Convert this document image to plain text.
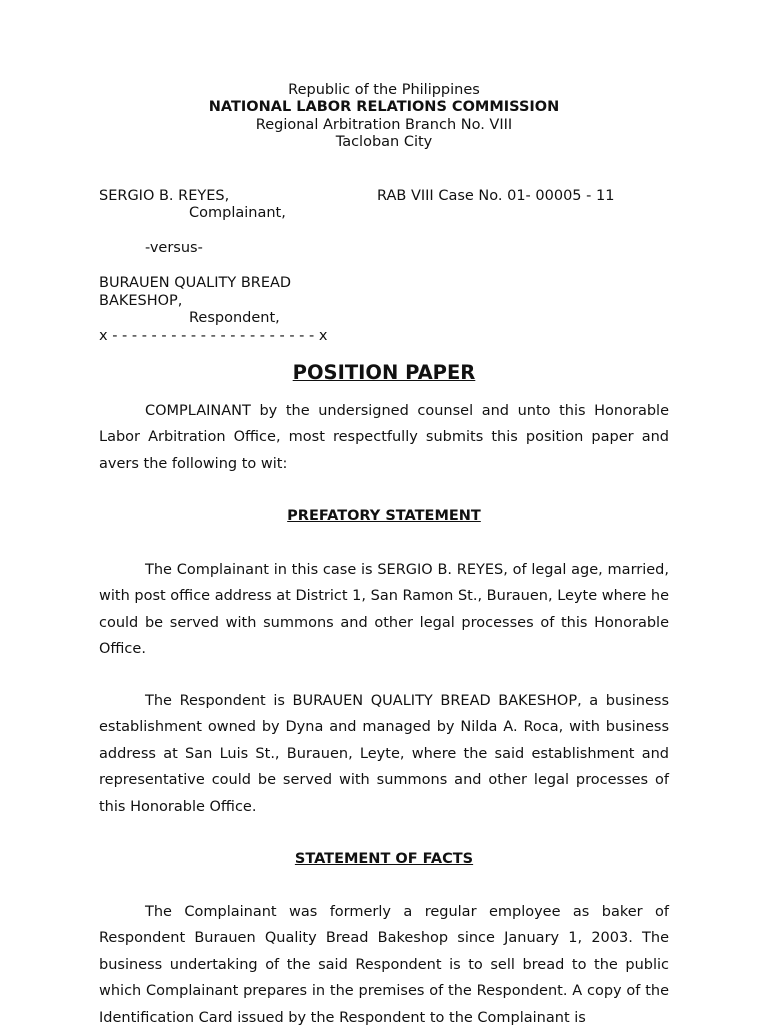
Republic of the Philippines
NATIONAL LABOR RELATIONS COMMISSION
Regional Arbitration Branch No. VIII
Tacloban City
SERGIO B. REYES,
Complainant,
RAB VIII Case No. 01- 00005 - 11
-versus-
BURAUEN QUALITY BREAD
BAKESHOP,
Respondent,
x - - - - - - - - - - - - - - - - - - - - - x
POSITION PAPER
COMPLAINANT by the undersigned counsel and unto this Honorable Labor Arbitration Office, most respectfully submits this position paper and avers the following to wit:
PREFATORY STATEMENT
The Complainant in this case is SERGIO B. REYES, of legal age, married, with post office address at District 1, San Ramon St., Burauen, Leyte where he could be served with summons and other legal processes of this Honorable Office.
The Respondent is BURAUEN QUALITY BREAD BAKESHOP, a business establishment owned by Dyna and managed by Nilda A. Roca, with business address at San Luis St., Burauen, Leyte, where the said establishment and representative could be served with summons and other legal processes of this Honorable Office.
STATEMENT OF FACTS
The Complainant was formerly a regular employee as baker of Respondent Burauen Quality Bread Bakeshop since January 1, 2003. The business undertaking of the said Respondent is to sell bread to the public which Complainant prepares in the premises of the Respondent. A copy of the Identification Card issued by the Respondent to the Complainant is
